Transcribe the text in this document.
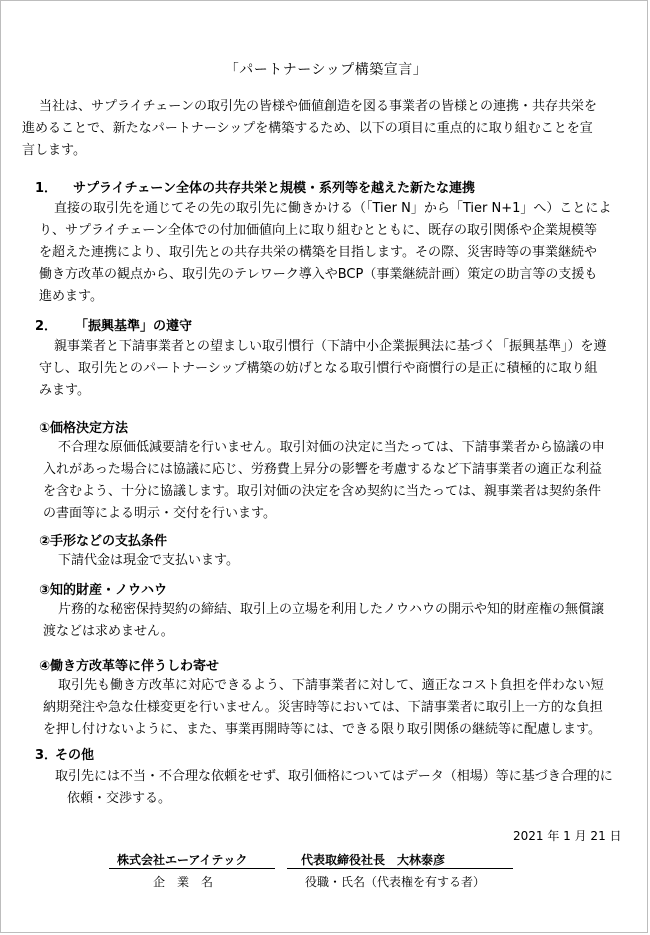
「パートナーシップ構築宣言」
当社は、サプライチェーンの取引先の皆様や価値創造を図る事業者の皆様との連携・共存共栄を
進めることで、新たなパートナーシップを構築するため、以下の項目に重点的に取り組むことを宣
言します。
1． サプライチェーン全体の共存共栄と規模・系列等を越えた新たな連携
直接の取引先を通じてその先の取引先に働きかける（「Tier N」から「Tier N+1」へ）ことによ
り、サプライチェーン全体での付加価値向上に取り組むとともに、既存の取引関係や企業規模等
を超えた連携により、取引先との共存共栄の構築を目指します。その際、災害時等の事業継続や
働き方改革の観点から、取引先のテレワーク導入やBCP（事業継続計画）策定の助言等の支援も
進めます。
2． 「振興基準」の遵守
親事業者と下請事業者との望ましい取引慣行（下請中小企業振興法に基づく「振興基準」）を遵
守し、取引先とのパートナーシップ構築の妨げとなる取引慣行や商慣行の是正に積極的に取り組
みます。
①価格決定方法
不合理な原価低減要請を行いません。取引対価の決定に当たっては、下請事業者から協議の申
入れがあった場合には協議に応じ、労務費上昇分の影響を考慮するなど下請事業者の適正な利益
を含むよう、十分に協議します。取引対価の決定を含め契約に当たっては、親事業者は契約条件
の書面等による明示・交付を行います。
②手形などの支払条件
下請代金は現金で支払います。
③知的財産・ノウハウ
片務的な秘密保持契約の締結、取引上の立場を利用したノウハウの開示や知的財産権の無償譲
渡などは求めません。
④働き方改革等に伴うしわ寄せ
取引先も働き方改革に対応できるよう、下請事業者に対して、適正なコスト負担を伴わない短
納期発注や急な仕様変更を行いません。災害時等においては、下請事業者に取引上一方的な負担
を押し付けないように、また、事業再開時等には、できる限り取引関係の継続等に配慮します。
3．その他
取引先には不当・不合理な依頼をせず、取引価格についてはデータ（相場）等に基づき合理的に
依頼・交渉する。
2021 年 1 月 21 日
株式会社エーアイテック
企　業　名
代表取締役社長　大林泰彦
役職・氏名（代表権を有する者）
